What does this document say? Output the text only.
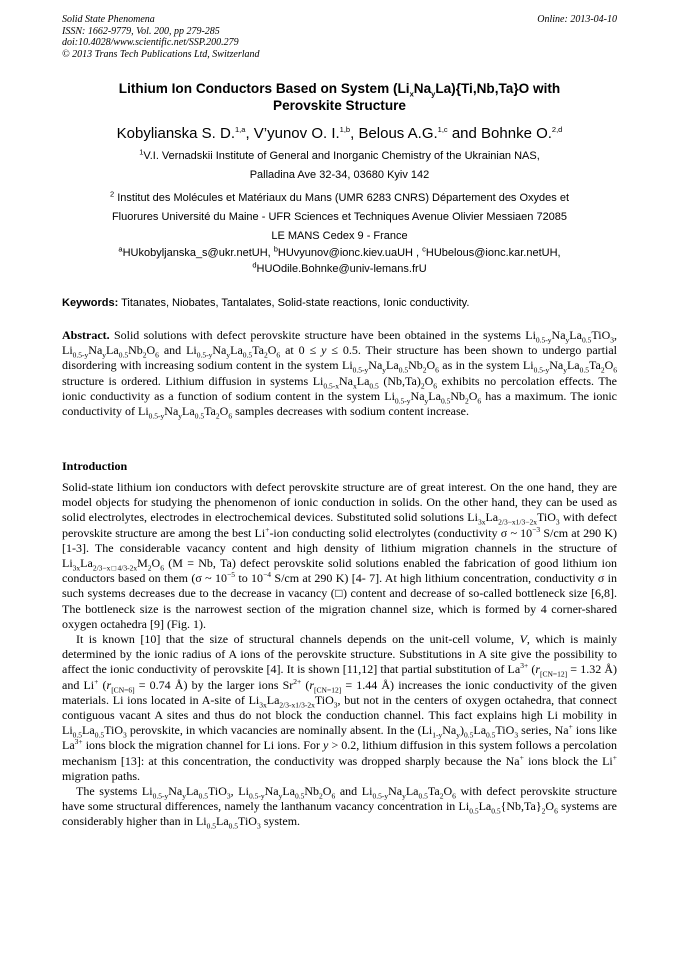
Solid State Phenomena
ISSN: 1662-9779, Vol. 200, pp 279-285
doi:10.4028/www.scientific.net/SSP.200.279
© 2013 Trans Tech Publications Ltd, Switzerland
Online: 2013-04-10
Lithium Ion Conductors Based on System $(Li_xNa_yLa)\{Ti,Nb,Ta\}O$ with
Perovskite Structure
Kobylianska S. D.$^{1,a}$, V’yunov O. I.$^{1,b}$, Belous A.G.$^{1,c}$ and Bohnke O.$^{2,d}$
$^1$V.I. Vernadskii Institute of General and Inorganic Chemistry of the Ukrainian NAS,
Palladina Ave 32-34, 03680 Kyiv 142
$^2$ Institut des Molécules et Matériaux du Mans (UMR 6283 CNRS) Département des Oxydes et
Fluorures Université du Maine - UFR Sciences et Techniques Avenue Olivier Messiaen 72085
LE MANS Cedex 9 - France
$^a$HUkobyljanska_s@ukr.netUH, $^b$HUvyunov@ionc.kiev.uaUH , $^c$HUbelous@ionc.kar.netUH,
$^d$HUOdile.Bohnke@univ-lemans.frU
Keywords: Titanates, Niobates, Tantalates, Solid-state reactions, Ionic conductivity.
Abstract. Solid solutions with defect perovskite structure have been obtained in the systems $Li_{0.5-y}Na_yLa_{0.5}TiO_3$, $Li_{0.5-y}Na_yLa_{0.5}Nb_2O_6$ and $Li_{0.5-y}Na_yLa_{0.5}Ta_2O_6$ at 0 ≤ y ≤ 0.5. Their structure has been shown to undergo partial disordering with increasing sodium content in the system $Li_{0.5-y}Na_yLa_{0.5}Nb_2O_6$ as in the system $Li_{0.5-y}Na_yLa_{0.5}Ta_2O_6$ structure is ordered. Lithium diffusion in systems $Li_{0.5-x}Na_xLa_{0.5}$ $(Nb,Ta)_2O_6$ exhibits no percolation effects. The ionic conductivity as a function of sodium content in the system $Li_{0.5-y}Na_yLa_{0.5}Nb_2O_6$ has a maximum. The ionic conductivity of $Li_{0.5-y}Na_yLa_{0.5}Ta_2O_6$ samples decreases with sodium content increase.
Introduction

Solid-state lithium ion conductors with defect perovskite structure are of great interest. On the one hand, they are model objects for studying the phenomenon of ionic conduction in solids. On the other hand, they can be used as solid electrolytes, electrodes in electrochemical devices. Substituted solid solutions $Li_{3x}La_{2/3-x1/3-2x}TiO_3$ with defect perovskite structure are among the best Li+-ion conducting solid electrolytes (conductivity σ ~ $10^{-3}$ S/cm at 290 K) [1-3]. The considerable vacancy content and high density of lithium migration channels in the structure of $Li_{3x}La_{2/3-x□4/3-2x}M_2O_6$ (M = Nb, Ta) defect perovskite solid solutions enabled the fabrication of good lithium ion conductors based on them (σ ~ $10^{-5}$ to $10^{-4}$ S/cm at 290 K) [4- 7]. At high lithium concentration, conductivity σ in such systems decreases due to the decrease in vacancy (□) content and decrease of so-called bottleneck size [6,8]. The bottleneck size is the narrowest section of the migration channel size, which is formed by 4 corner-shared oxygen octahedra [9] (Fig. 1).

It is known [10] that the size of structural channels depends on the unit-cell volume, V, which is mainly determined by the ionic radius of A ions of the perovskite structure. Substitutions in A site give the possibility to affect the ionic conductivity of perovskite [4]. It is shown [11,12] that partial substitution of $La^{3+}$ ($r_{[CN=12]} = 1.32$ Å) and Li+ ($r_{[CN=6]} = 0.74$ Å) by the larger ions $Sr^{2+}$ ($r_{[CN=12]} = 1.44$ Å) increases the ionic conductivity of the given materials. Li ions located in A-site of $Li_{3x}La_{2/3-x1/3-2x}TiO_3$, but not in the centers of oxygen octahedra, that connect contiguous vacant A sites and thus do not block the conduction channel. This fact explains high Li mobility in $Li_{0.5}La_{0.5}TiO_3$ perovskite, in which vacancies are nominally absent. In the $(Li_{1-y}Na_y)_{0.5}La_{0.5}TiO_3$ series, Na+ ions like $La^{3+}$ ions block the migration channel for Li ions. For y > 0.2, lithium diffusion in this system follows a percolation mechanism [13]: at this concentration, the conductivity was dropped sharply because the Na+ ions block the Li+ migration paths.

The systems $Li_{0.5-y}Na_yLa_{0.5}TiO_3$, $Li_{0.5-y}Na_yLa_{0.5}Nb_2O_6$ and $Li_{0.5-y}Na_yLa_{0.5}Ta_2O_6$ with defect perovskite structure have some structural differences, namely the lanthanum vacancy concentration in $Li_{0.5}La_{0.5}\{Nb,Ta\}_2O_6$ systems are considerably higher than in $Li_{0.5}La_{0.5}TiO_3$ system.
